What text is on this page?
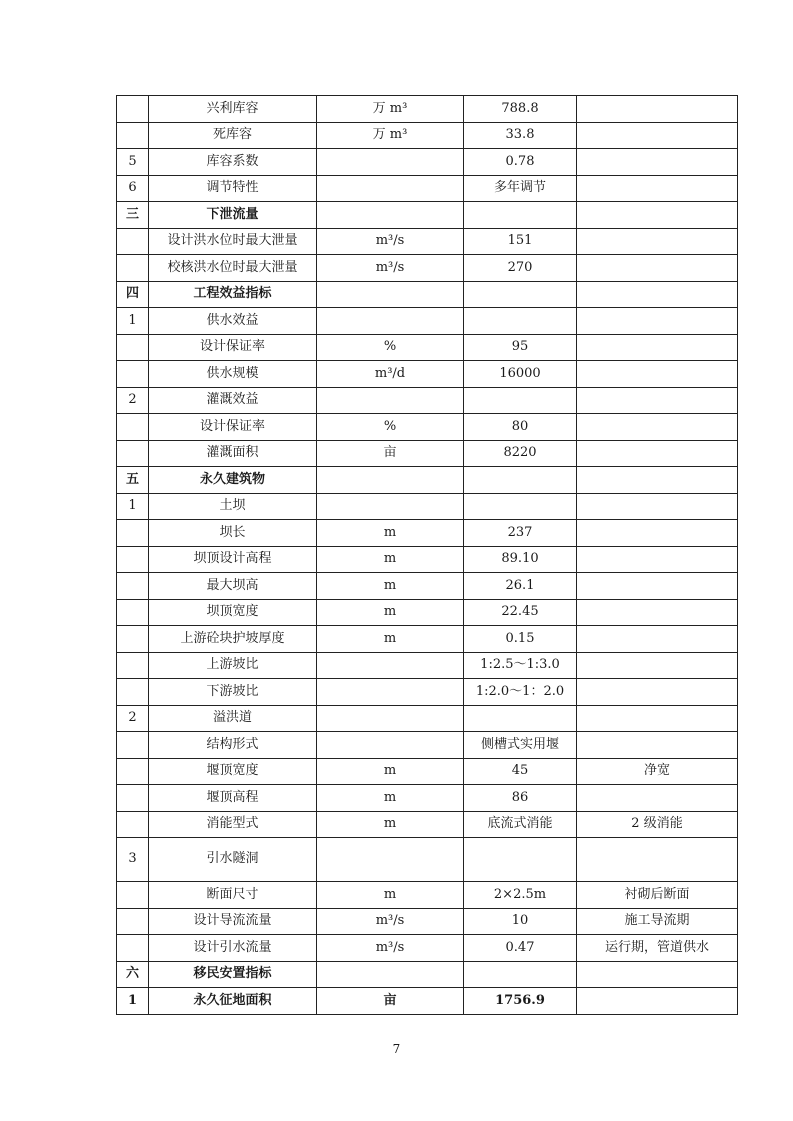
	兴利库容	万 m³	788.8	
	死库容	万 m³	33.8	
5	库容系数		0.78	
6	调节特性		多年调节	
三	下泄流量			
	设计洪水位时最大泄量	m³/s	151	
	校核洪水位时最大泄量	m³/s	270	
四	工程效益指标			
1	供水效益			
	设计保证率	%	95	
	供水规模	m³/d	16000	
2	灌溉效益			
	设计保证率	%	80	
	灌溉面积	亩	8220	
五	永久建筑物			
1	土坝			
	坝长	m	237	
	坝顶设计高程	m	89.10	
	最大坝高	m	26.1	
	坝顶宽度	m	22.45	
	上游砼块护坡厚度	m	0.15	
	上游坡比		1:2.5～1:3.0	
	下游坡比		1:2.0～1：2.0	
2	溢洪道			
	结构形式		侧槽式实用堰	
	堰顶宽度	m	45	净宽
	堰顶高程	m	86	
	消能型式	m	底流式消能	2 级消能
3	引水隧洞			
	断面尺寸	m	2×2.5m	衬砌后断面
	设计导流流量	m³/s	10	施工导流期
	设计引水流量	m³/s	0.47	运行期，管道供水
六	移民安置指标			
1	永久征地面积	亩	1756.9	
7
